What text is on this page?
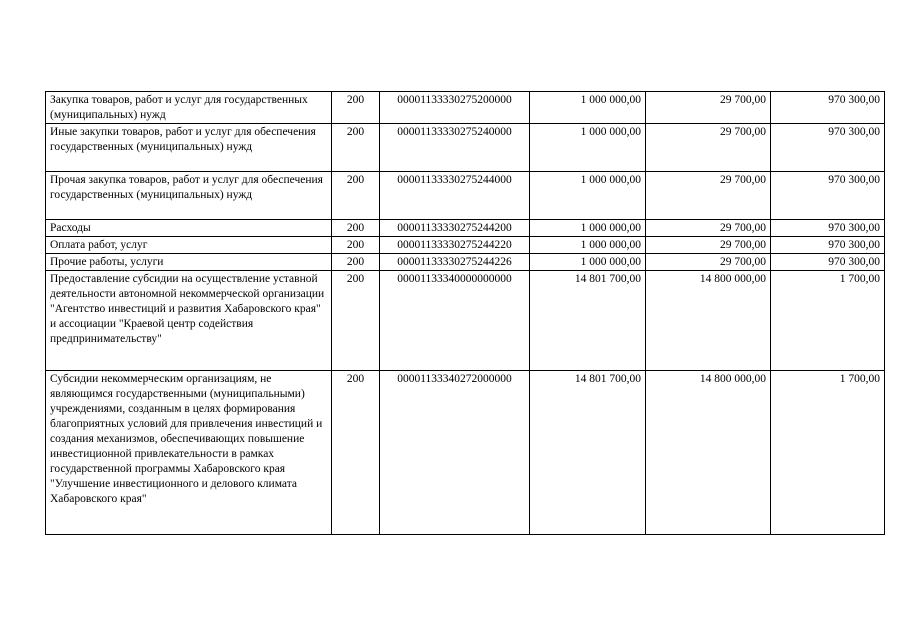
Закупка товаров, работ и услуг для государственных (муниципальных) нужд	200	00001133330275200000	1 000 000,00	29 700,00	970 300,00
Иные закупки товаров, работ и услуг для обеспечения государственных (муниципальных) нужд	200	00001133330275240000	1 000 000,00	29 700,00	970 300,00
Прочая закупка товаров, работ и услуг для обеспечения государственных (муниципальных) нужд	200	00001133330275244000	1 000 000,00	29 700,00	970 300,00
Расходы	200	00001133330275244200	1 000 000,00	29 700,00	970 300,00
Оплата работ, услуг	200	00001133330275244220	1 000 000,00	29 700,00	970 300,00
Прочие работы, услуги	200	00001133330275244226	1 000 000,00	29 700,00	970 300,00
Предоставление субсидии на осуществление уставной деятельности автономной некоммерческой организации "Агентство инвестиций и развития Хабаровского края" и ассоциации "Краевой центр содействия предпринимательству"	200	00001133340000000000	14 801 700,00	14 800 000,00	1 700,00
Субсидии некоммерческим организациям, не являющимся государственными (муниципальными) учреждениями, созданным в целях формирования благоприятных условий для привлечения инвестиций и создания механизмов, обеспечивающих повышение инвестиционной привлекательности в рамках государственной программы Хабаровского края "Улучшение инвестиционного и делового климата Хабаровского края"	200	00001133340272000000	14 801 700,00	14 800 000,00	1 700,00
